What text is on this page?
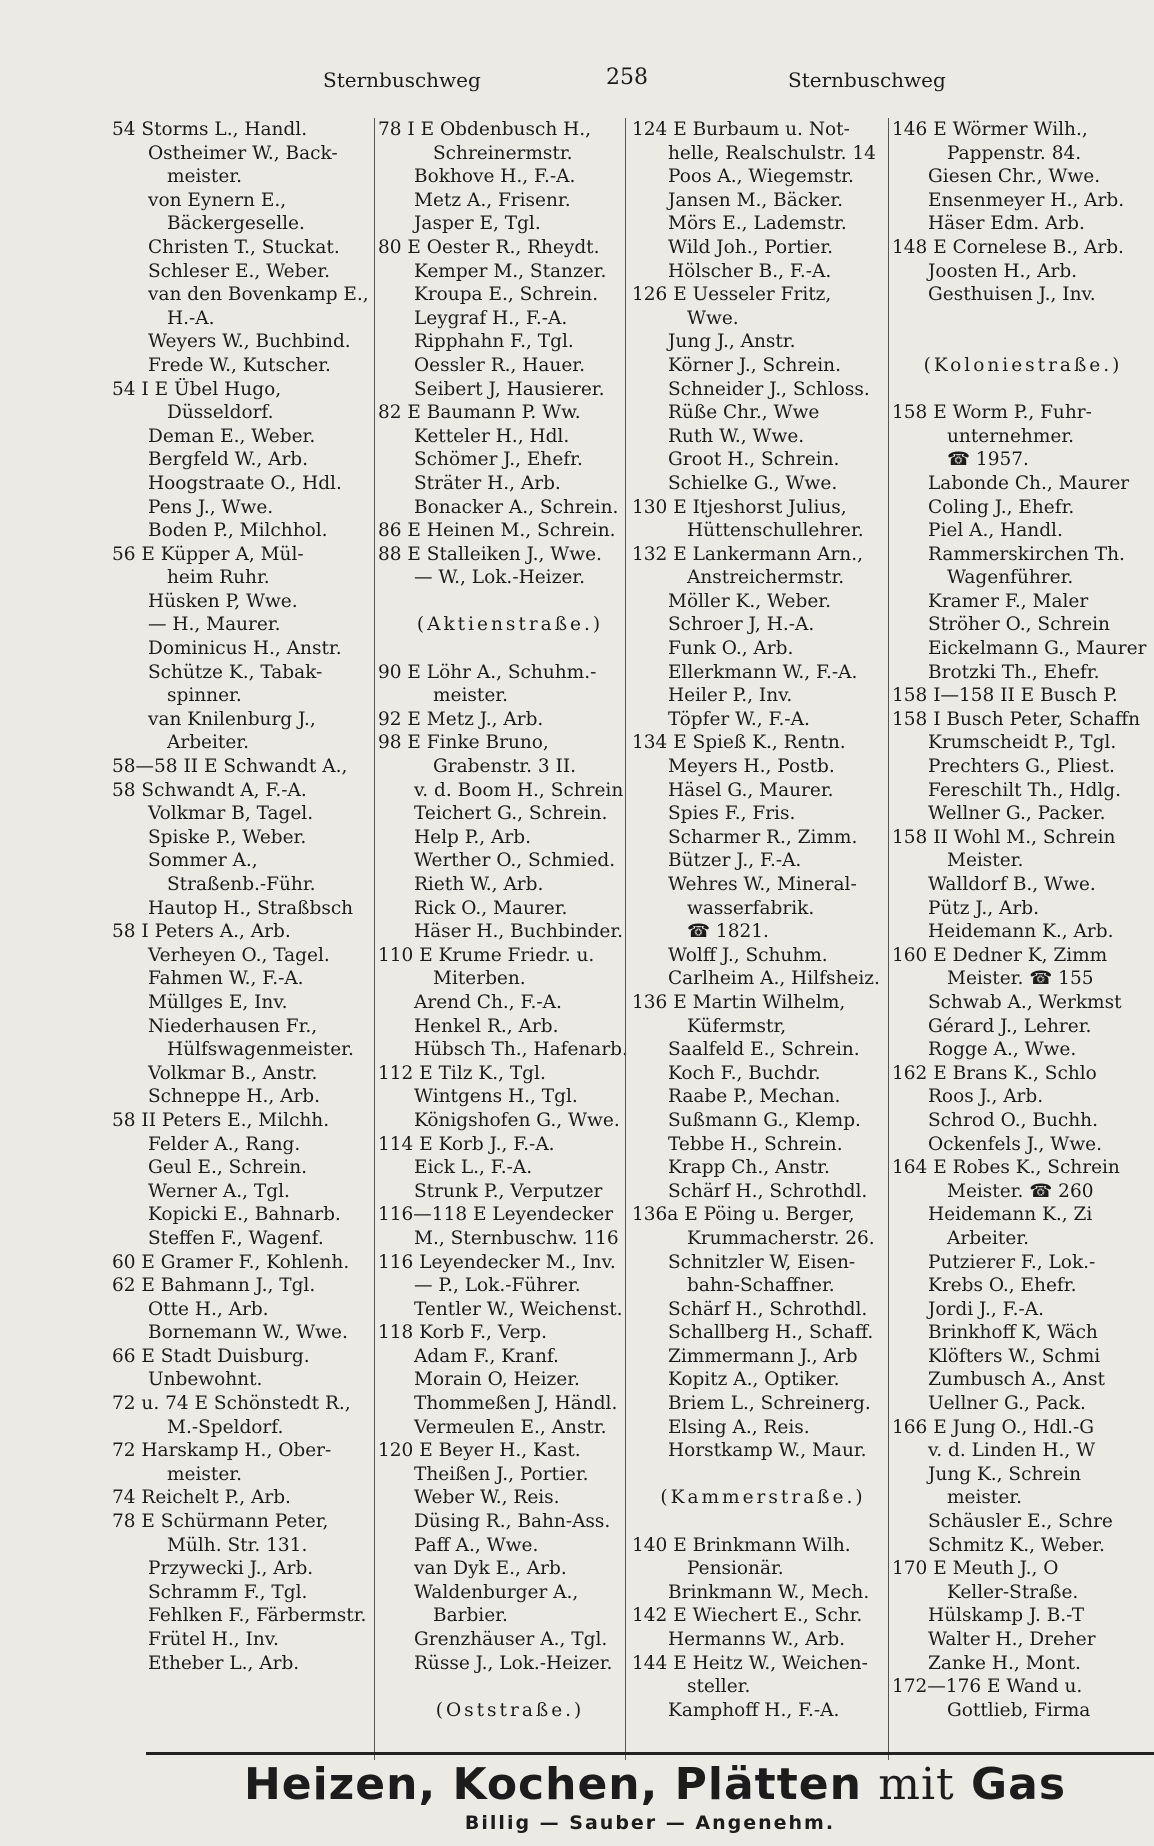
Sternbuschweg	258	Sternbuschweg
54 Storms L., Handl.
Ostheimer W., Back-
meister.
von Eynern E.,
Bäckergeselle.
Christen T., Stuckat.
Schleser E., Weber.
van den Bovenkamp E.,
H.-A.
Weyers W., Buchbind.
Frede W., Kutscher.
54 I E Übel Hugo,
Düsseldorf.
Deman E., Weber.
Bergfeld W., Arb.
Hoogstraate O., Hdl.
Pens J., Wwe.
Boden P., Milchhol.
56 E Küpper A, Mül-
heim Ruhr.
Hüsken P, Wwe.
— H., Maurer.
Dominicus H., Anstr.
Schütze K., Tabak-
spinner.
van Knilenburg J.,
Arbeiter.
58—58 II E Schwandt A.,
58 Schwandt A, F.-A.
Volkmar B, Tagel.
Spiske P., Weber.
Sommer A.,
Straßenb.-Führ.
Hautop H., Straßbsch
58 I Peters A., Arb.
Verheyen O., Tagel.
Fahmen W., F.-A.
Müllges E, Inv.
Niederhausen Fr.,
Hülfswagenmeister.
Volkmar B., Anstr.
Schneppe H., Arb.
58 II Peters E., Milchh.
Felder A., Rang.
Geul E., Schrein.
Werner A., Tgl.
Kopicki E., Bahnarb.
Steffen F., Wagenf.
60 E Gramer F., Kohlenh.
62 E Bahmann J., Tgl.
Otte H., Arb.
Bornemann W., Wwe.
66 E Stadt Duisburg.
Unbewohnt.
72 u. 74 E Schönstedt R.,
M.-Speldorf.
72 Harskamp H., Ober-
meister.
74 Reichelt P., Arb.
78 E Schürmann Peter,
Mülh. Str. 131.
Przywecki J., Arb.
Schramm F., Tgl.
Fehlken F., Färbermstr.
Frütel H., Inv.
Etheber L., Arb.
78 I E Obdenbusch H.,
Schreinermstr.
Bokhove H., F.-A.
Metz A., Frisenr.
Jasper E, Tgl.
80 E Oester R., Rheydt.
Kemper M., Stanzer.
Kroupa E., Schrein.
Leygraf H., F.-A.
Ripphahn F., Tgl.
Oessler R., Hauer.
Seibert J, Hausierer.
82 E Baumann P. Ww.
Ketteler H., Hdl.
Schömer J., Ehefr.
Sträter H., Arb.
Bonacker A., Schrein.
86 E Heinen M., Schrein.
88 E Stalleiken J., Wwe.
— W., Lok.-Heizer.
(Aktienstraße.)
90 E Löhr A., Schuhm.-
meister.
92 E Metz J., Arb.
98 E Finke Bruno,
Grabenstr. 3 II.
v. d. Boom H., Schrein
Teichert G., Schrein.
Help P., Arb.
Werther O., Schmied.
Rieth W., Arb.
Rick O., Maurer.
Häser H., Buchbinder.
110 E Krume Friedr. u.
Miterben.
Arend Ch., F.-A.
Henkel R., Arb.
Hübsch Th., Hafenarb.
112 E Tilz K., Tgl.
Wintgens H., Tgl.
Königshofen G., Wwe.
114 E Korb J., F.-A.
Eick L., F.-A.
Strunk P., Verputzer
116—118 E Leyendecker
M., Sternbuschw. 116
116 Leyendecker M., Inv.
— P., Lok.-Führer.
Tentler W., Weichenst.
118 Korb F., Verp.
Adam F., Kranf.
Morain O, Heizer.
Thommeßen J, Händl.
Vermeulen E., Anstr.
120 E Beyer H., Kast.
Theißen J., Portier.
Weber W., Reis.
Düsing R., Bahn-Ass.
Paff A., Wwe.
van Dyk E., Arb.
Waldenburger A.,
Barbier.
Grenzhäuser A., Tgl.
Rüsse J., Lok.-Heizer.
(Oststraße.)
124 E Burbaum u. Not-
helle, Realschulstr. 14
Poos A., Wiegemstr.
Jansen M., Bäcker.
Mörs E., Lademstr.
Wild Joh., Portier.
Hölscher B., F.-A.
126 E Uesseler Fritz,
Wwe.
Jung J., Anstr.
Körner J., Schrein.
Schneider J., Schloss.
Rüße Chr., Wwe
Ruth W., Wwe.
Groot H., Schrein.
Schielke G., Wwe.
130 E Itjeshorst Julius,
Hüttenschullehrer.
132 E Lankermann Arn.,
Anstreichermstr.
Möller K., Weber.
Schroer J, H.-A.
Funk O., Arb.
Ellerkmann W., F.-A.
Heiler P., Inv.
Töpfer W., F.-A.
134 E Spieß K., Rentn.
Meyers H., Postb.
Häsel G., Maurer.
Spies F., Fris.
Scharmer R., Zimm.
Bützer J., F.-A.
Wehres W., Mineral-
wasserfabrik.
☎ 1821.
Wolff J., Schuhm.
Carlheim A., Hilfsheiz.
136 E Martin Wilhelm,
Küfermstr,
Saalfeld E., Schrein.
Koch F., Buchdr.
Raabe P., Mechan.
Sußmann G., Klemp.
Tebbe H., Schrein.
Krapp Ch., Anstr.
Schärf H., Schrothdl.
136a E Pöing u. Berger,
Krummacherstr. 26.
Schnitzler W, Eisen-
bahn-Schaffner.
Schärf H., Schrothdl.
Schallberg H., Schaff.
Zimmermann J., Arb
Kopitz A., Optiker.
Briem L., Schreinerg.
Elsing A., Reis.
Horstkamp W., Maur.
(Kammerstraße.)
140 E Brinkmann Wilh.
Pensionär.
Brinkmann W., Mech.
142 E Wiechert E., Schr.
Hermanns W., Arb.
144 E Heitz W., Weichen-
steller.
Kamphoff H., F.-A.
146 E Wörmer Wilh.,
Pappenstr. 84.
Giesen Chr., Wwe.
Ensenmeyer H., Arb.
Häser Edm. Arb.
148 E Cornelese B., Arb.
Joosten H., Arb.
Gesthuisen J., Inv.
(Koloniestraße.)
158 E Worm P., Fuhr-
unternehmer.
☎ 1957.
Labonde Ch., Maurer
Coling J., Ehefr.
Piel A., Handl.
Rammerskirchen Th.
Wagenführer.
Kramer F., Maler
Ströher O., Schrein
Eickelmann G., Maurer
Brotzki Th., Ehefr.
158 I—158 II E Busch P.
158 I Busch Peter, Schaffn
Krumscheidt P., Tgl.
Prechters G., Pliest.
Fereschilt Th., Hdlg.
Wellner G., Packer.
158 II Wohl M., Schrein
Meister.
Walldorf B., Wwe.
Pütz J., Arb.
Heidemann K., Arb.
160 E Dedner K, Zimm
Meister. ☎ 155
Schwab A., Werkmst
Gérard J., Lehrer.
Rogge A., Wwe.
162 E Brans K., Schlo
Roos J., Arb.
Schrod O., Buchh.
Ockenfels J., Wwe.
164 E Robes K., Schrein
Meister. ☎ 260
Heidemann K., Zi
Arbeiter.
Putzierer F., Lok.-
Krebs O., Ehefr.
Jordi J., F.-A.
Brinkhoff K, Wäch
Klöfters W., Schmi
Zumbusch A., Anst
Uellner G., Pack.
166 E Jung O., Hdl.-G
v. d. Linden H., W
Jung K., Schrein
meister.
Schäusler E., Schre
Schmitz K., Weber.
170 E Meuth J., O
Keller-Straße.
Hülskamp J. B.-T
Walter H., Dreher
Zanke H., Mont.
172—176 E Wand u.
Gottlieb, Firma
Heizen, Kochen, Plätten mit Gas
Billig — Sauber — Angenehm.
